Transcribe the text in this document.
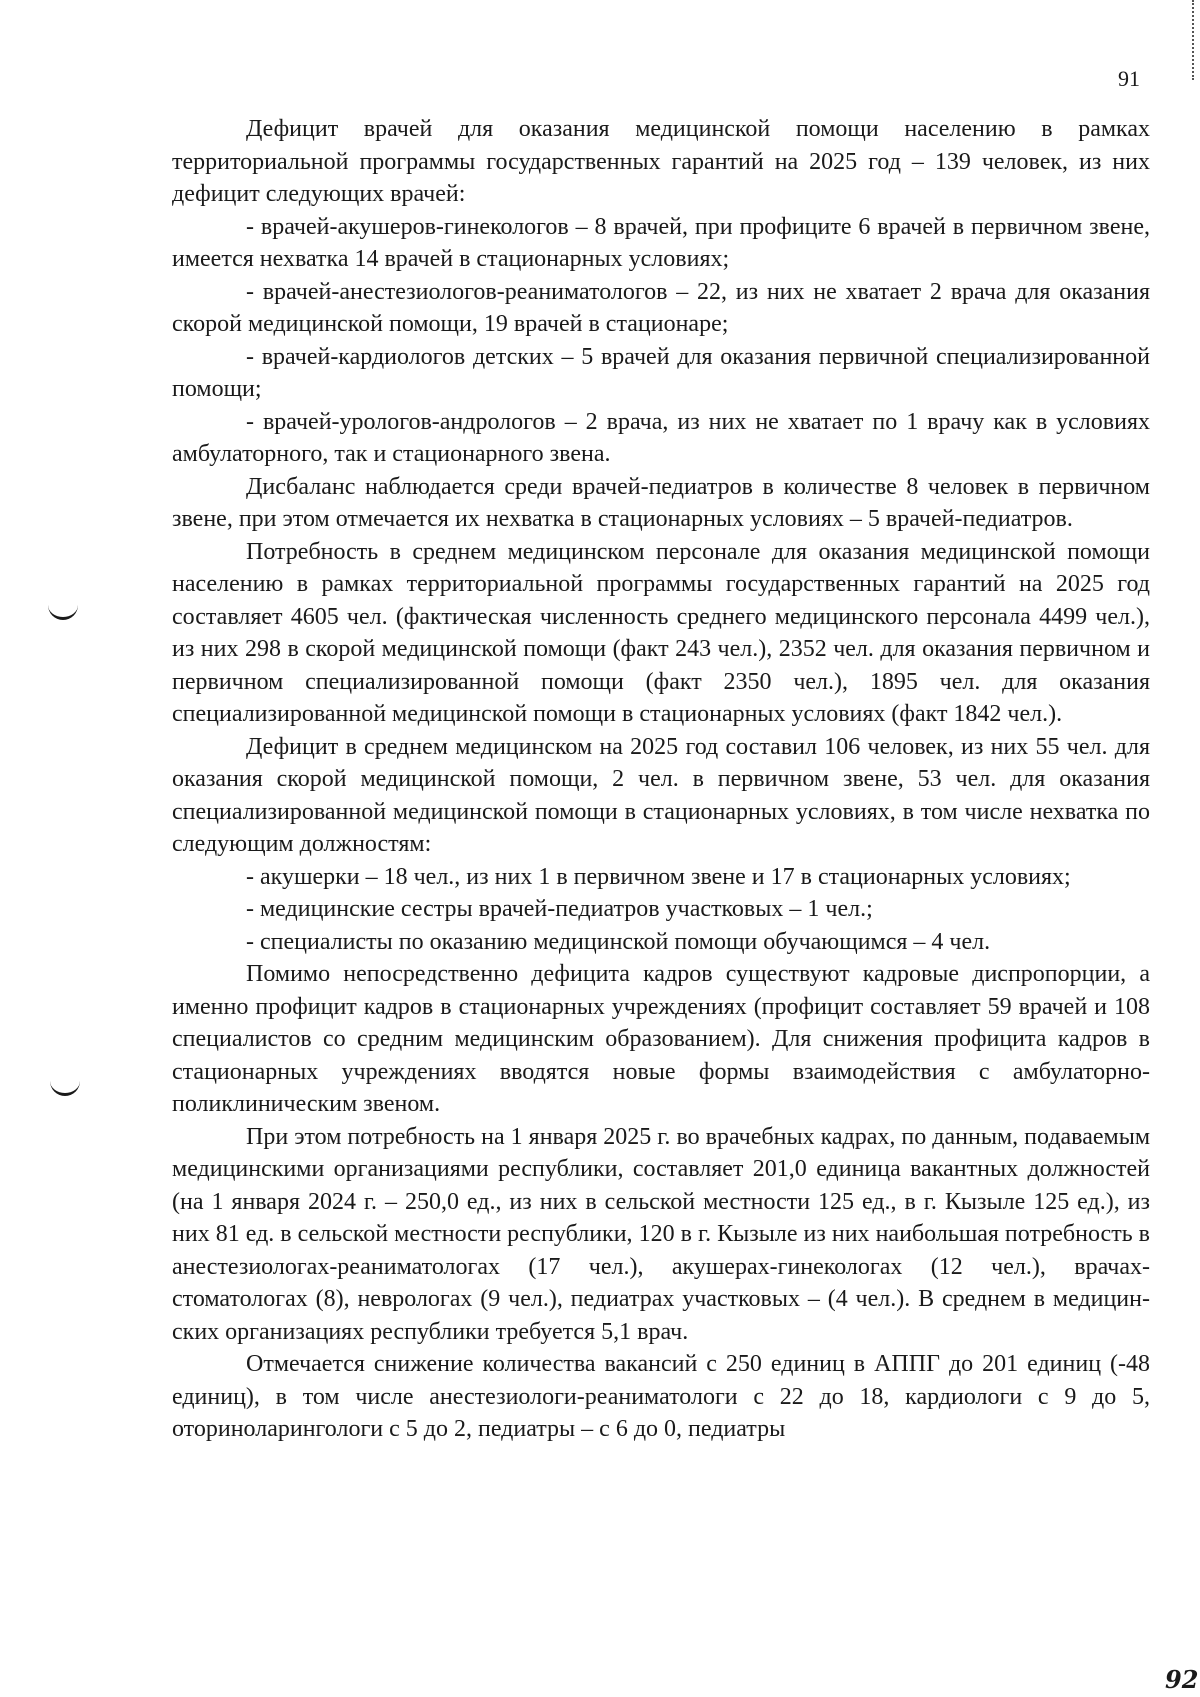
91

Дефицит врачей для оказания медицинской помощи населению в рамках территориальной программы государственных гарантий на 2025 год – 139 человек, из них дефицит следующих врачей:

- врачей-акушеров-гинекологов – 8 врачей, при профиците 6 врачей в первичном звене, имеется нехватка 14 врачей в стационарных условиях;

- врачей-анестезиологов-реаниматологов – 22, из них не хватает 2 врача для оказания скорой медицинской помощи, 19 врачей в стационаре;

- врачей-кардиологов детских – 5 врачей для оказания первичной специализированной помощи;

- врачей-урологов-андрологов – 2 врача, из них не хватает по 1 врачу как в условиях амбулаторного, так и стационарного звена.

Дисбаланс наблюдается среди врачей-педиатров в количестве 8 человек в первичном звене, при этом отмечается их нехватка в стационарных условиях – 5 врачей-педиатров.

Потребность в среднем медицинском персонале для оказания медицинской помощи населению в рамках территориальной программы государственных гарантий на 2025 год составляет 4605 чел. (фактическая численность среднего медицинского персонала 4499 чел.), из них 298 в скорой медицинской помощи (факт 243 чел.), 2352 чел. для оказания первичном и первичном специализированной помощи (факт 2350 чел.), 1895 чел. для оказания специализированной медицинской помощи в стационарных условиях (факт 1842 чел.).

Дефицит в среднем медицинском на 2025 год составил 106 человек, из них 55 чел. для оказания скорой медицинской помощи, 2 чел. в первичном звене, 53 чел. для оказания специализированной медицинской помощи в стационарных условиях, в том числе нехватка по следующим должностям:

- акушерки – 18 чел., из них 1 в первичном звене и 17 в стационарных условиях;

- медицинские сестры врачей-педиатров участковых – 1 чел.;

- специалисты по оказанию медицинской помощи обучающимся – 4 чел.

Помимо непосредственно дефицита кадров существуют кадровые диспропорции, а именно профицит кадров в стационарных учреждениях (профицит составляет 59 врачей и 108 специалистов со средним медицинским образованием). Для снижения профицита кадров в стационарных учреждениях вводятся новые формы взаимодействия с амбулаторно-поликлиническим звеном.

При этом потребность на 1 января 2025 г. во врачебных кадрах, по данным, подаваемым медицинскими организациями республики, составляет 201,0 единица вакантных должностей (на 1 января 2024 г. – 250,0 ед., из них в сельской местности 125 ед., в г. Кызыле 125 ед.), из них 81 ед. в сельской местности республики, 120 в г. Кызыле из них наибольшая потребность в анестезиологах-реаниматологах (17 чел.), акушерах-гинекологах (12 чел.), врачах-стоматологах (8), неврологах (9 чел.), педиатрах участковых – (4 чел.). В среднем в медицинских организациях республики требуется 5,1 врач.

Отмечается снижение количества вакансий с 250 единиц в АППГ до 201 единиц (-48 единиц), в том числе анестезиологи-реаниматологи с 22 до 18, кардиологи с 9 до 5, оториноларингологи с 5 до 2, педиатры – с 6 до 0, педиатры

92
